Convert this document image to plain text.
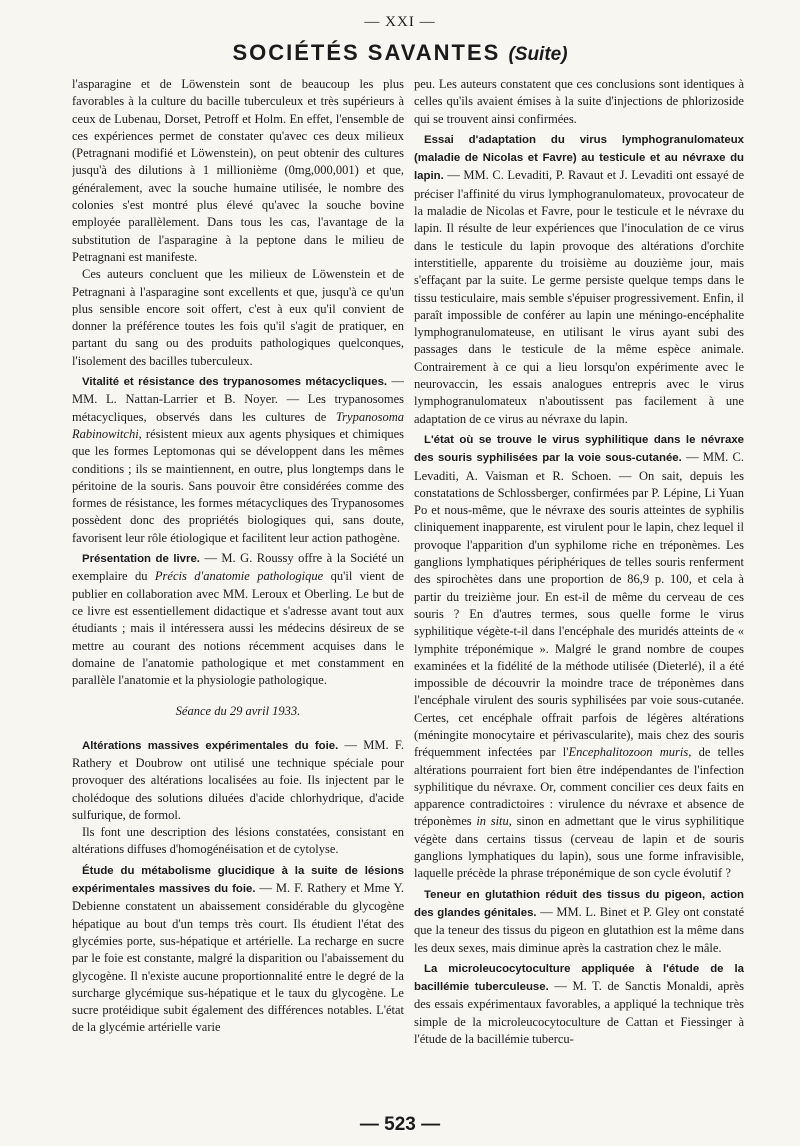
— XXI —
SOCIÉTÉS SAVANTES (Suite)

l'asparagine et de Löwenstein sont de beaucoup les plus favorables à la culture du bacille tuberculeux et très supérieurs à ceux de Lubenau, Dorset, Petroff et Holm. En effet, l'ensemble de ces expériences permet de constater qu'avec ces deux milieux (Petragnani modifié et Löwenstein), on peut obtenir des cultures jusqu'à des dilutions à 1 millionième (0mg,000,001) et que, généralement, avec la souche humaine utilisée, le nombre des colonies s'est montré plus élevé qu'avec la souche bovine employée parallèlement. Dans tous les cas, l'avantage de la substitution de l'asparagine à la peptone dans le milieu de Petragnani est manifeste.

Ces auteurs concluent que les milieux de Löwenstein et de Petragnani à l'asparagine sont excellents et que, jusqu'à ce qu'un plus sensible encore soit offert, c'est à eux qu'il convient de donner la préférence toutes les fois qu'il s'agit de pratiquer, en partant du sang ou des produits pathologiques quelconques, l'isolement des bacilles tuberculeux.

Vitalité et résistance des trypanosomes métacycliques. — MM. L. Nattan-Larrier et B. Noyer. — Les trypanosomes métacycliques, observés dans les cultures de Trypanosoma Rabinowitchi, résistent mieux aux agents physiques et chimiques que les formes Leptomonas qui se développent dans les mêmes conditions ; ils se maintiennent, en outre, plus longtemps dans le péritoine de la souris. Sans pouvoir être considérées comme des formes de résistance, les formes métacycliques des Trypanosomes possèdent donc des propriétés biologiques qui, sans doute, favorisent leur rôle étiologique et facilitent leur action pathogène.

Présentation de livre. — M. G. Roussy offre à la Société un exemplaire du Précis d'anatomie pathologique qu'il vient de publier en collaboration avec MM. Leroux et Oberling. Le but de ce livre est essentiellement didactique et s'adresse avant tout aux étudiants ; mais il intéressera aussi les médecins désireux de se mettre au courant des notions récemment acquises dans le domaine de l'anatomie pathologique et met constamment en parallèle l'anatomie et la physiologie pathologique.

Séance du 29 avril 1933.

Altérations massives expérimentales du foie. — MM. F. Rathery et Doubrow ont utilisé une technique spéciale pour provoquer des altérations localisées au foie. Ils injectent par le cholédoque des solutions diluées d'acide chlorhydrique, d'acide sulfurique, de formol.

Ils font une description des lésions constatées, consistant en altérations diffuses d'homogénéisation et de cytolyse.

Étude du métabolisme glucidique à la suite de lésions expérimentales massives du foie. — M. F. Rathery et Mme Y. Debienne constatent un abaissement considérable du glycogène hépatique au bout d'un temps très court. Ils étudient l'état des glycémies porte, sus-hépatique et artérielle. La recharge en sucre par le foie est constante, malgré la disparition ou l'abaissement du glycogène. Il n'existe aucune proportionnalité entre le degré de la surcharge glycémique sus-hépatique et le taux du glycogène. Le sucre protéidique subit également des différences notables. L'état de la glycémie artérielle varie

peu. Les auteurs constatent que ces conclusions sont identiques à celles qu'ils avaient émises à la suite d'injections de phlorizoside qui se trouvent ainsi confirmées.

Essai d'adaptation du virus lymphogranulomateux (maladie de Nicolas et Favre) au testicule et au névraxe du lapin. — MM. C. Levaditi, P. Ravaut et J. Levaditi ont essayé de préciser l'affinité du virus lymphogranulomateux, provocateur de la maladie de Nicolas et Favre, pour le testicule et le névraxe du lapin. Il résulte de leur expériences que l'inoculation de ce virus dans le testicule du lapin provoque des altérations d'orchite interstitielle, apparente du troisième au douzième jour, mais s'effaçant par la suite. Le germe persiste quelque temps dans le tissu testiculaire, mais semble s'épuiser progressivement. Enfin, il paraît impossible de conférer au lapin une méningo-encéphalite lymphogranulomateuse, en utilisant le virus ayant subi des passages dans le testicule de la même espèce animale. Contrairement à ce qui a lieu lorsqu'on expérimente avec le neurovaccin, les essais analogues entrepris avec le virus lymphogranulomateux n'aboutissent pas facilement à une adaptation de ce virus au névraxe du lapin.

L'état où se trouve le virus syphilitique dans le névraxe des souris syphilisées par la voie sous-cutanée. — MM. C. Levaditi, A. Vaisman et R. Schoen. — On sait, depuis les constatations de Schlossberger, confirmées par P. Lépine, Li Yuan Po et nous-même, que le névraxe des souris atteintes de syphilis cliniquement inapparente, est virulent pour le lapin, chez lequel il provoque l'apparition d'un syphilome riche en tréponèmes. Les ganglions lymphatiques périphériques de telles souris renferment des spirochètes dans une proportion de 86,9 p. 100, et cela à partir du treizième jour. En est-il de même du cerveau de ces souris ? En d'autres termes, sous quelle forme le virus syphilitique végète-t-il dans l'encéphale des muridés atteints de « lymphite tréponémique ». Malgré le grand nombre de coupes examinées et la fidélité de la méthode utilisée (Dieterlé), il a été impossible de découvrir la moindre trace de tréponèmes dans l'encéphale virulent des souris syphilisées par voie sous-cutanée. Certes, cet encéphale offrait parfois de légères altérations (méningite monocytaire et périvascularite), mais chez des souris fréquemment infectées par l'Encephalitozoon muris, de telles altérations pourraient fort bien être indépendantes de l'infection syphilitique du névraxe. Or, comment concilier ces deux faits en apparence contradictoires : virulence du névraxe et absence de tréponèmes in situ, sinon en admettant que le virus syphilitique végète dans certains tissus (cerveau de lapin et de souris ganglions lymphatiques du lapin), sous une forme infravisible, laquelle précède la phrase tréponémique de son cycle évolutif ?

Teneur en glutathion réduit des tissus du pigeon, action des glandes génitales. — MM. L. Binet et P. Gley ont constaté que la teneur des tissus du pigeon en glutathion est la même dans les deux sexes, mais diminue après la castration chez le mâle.

La microleucocytoculture appliquée à l'étude de la bacillémie tuberculeuse. — M. T. de Sanctis Monaldi, après des essais expérimentaux favorables, a appliqué la technique très simple de la microleucocytoculture de Cattan et Fiessinger à l'étude de la bacillémie tubercu-

— 523 —
